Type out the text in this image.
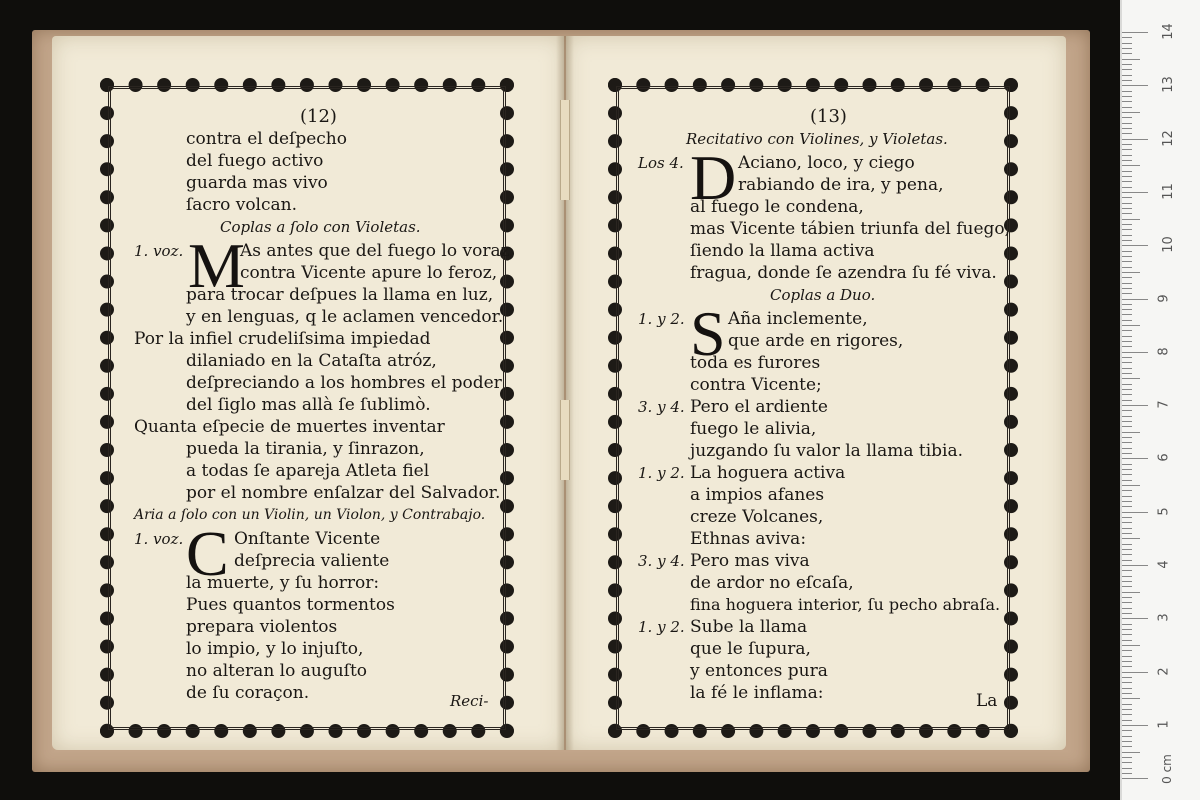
(12)
contra el deſpecho
del fuego activo
guarda mas vivo
ſacro volcan.
Coplas a ſolo con Violetas.
1. voz. M
As antes que del fuego lo voraz
contra Vicente apure lo feroz,
para trocar deſpues la llama en luz,
y en lenguas, q le aclamen vencedor.
Por la infiel crudeliſsima impiedad
dilaniado en la Cataſta atróz,
deſpreciando a los hombres el poder
del ſiglo mas allà ſe ſublimò.
Quanta eſpecie de muertes inventar
pueda la tirania, y ſinrazon,
a todas ſe apareja Atleta fiel
por el nombre enſalzar del Salvador.
Aria a ſolo con un Violin, un Violon, y Contrabajo.
1. voz. C Onſtante Vicente
deſprecia valiente
la muerte, y ſu horror:
Pues quantos tormentos
prepara violentos
lo impio, y lo injuſto,
no alteran lo auguſto
de ſu coraçon.	Reci-
(13)
Recitativo con Violines, y Violetas.
Los 4. D Aciano, loco, y ciego
rabiando de ira, y pena,
al fuego le condena,
mas Vicente tábien triunfa del fuego,
ſiendo la llama activa
fragua, donde ſe azendra ſu fé viva.
Coplas a Duo.
1. y 2. S Aña inclemente,
que arde en rigores,
toda es furores
contra Vicente;
3. y 4. Pero el ardiente
fuego le alivia,
juzgando ſu valor la llama tibia.
1. y 2. La hoguera activa
a impios afanes
creze Volcanes,
Ethnas aviva:
3. y 4. Pero mas viva
de ardor no eſcaſa,
fina hoguera interior, ſu pecho abraſa.
1. y 2. Sube la llama
que le ſupura,
y entonces pura
la fé le inflama:	La
14
13
12
11
10
9
8
7
6
5
4
3
2
1
0 cm
